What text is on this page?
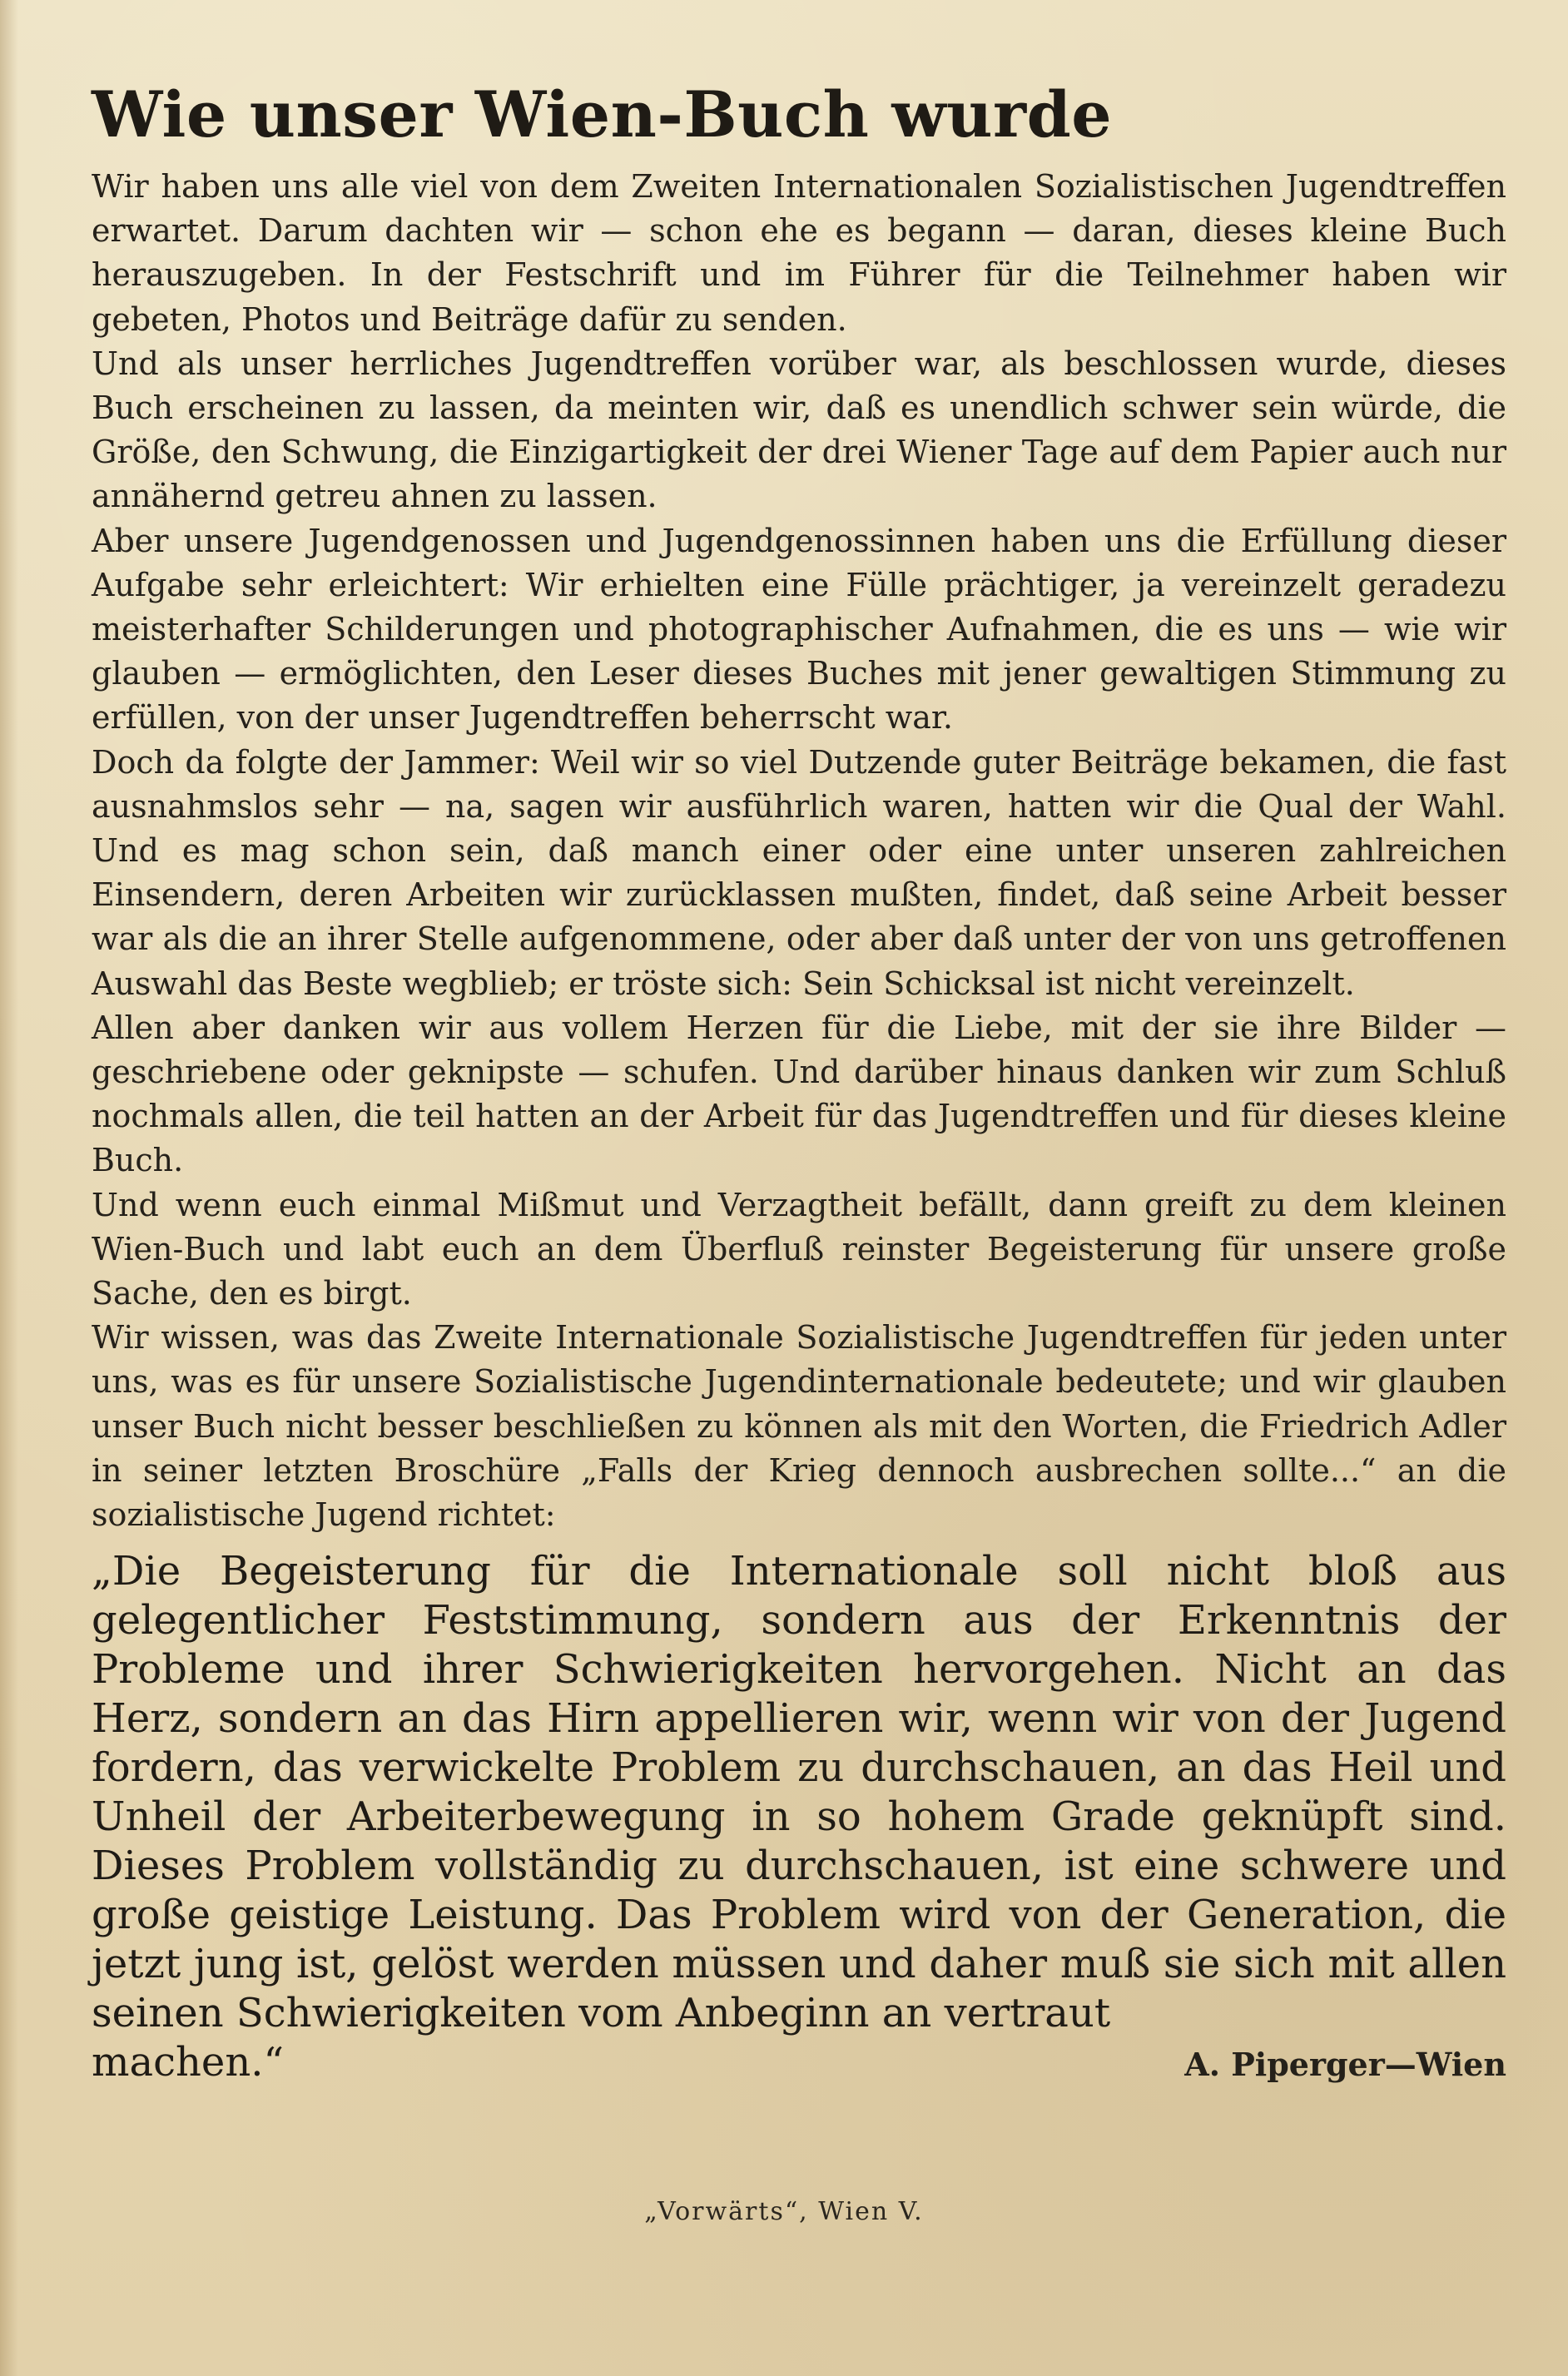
Wie unser Wien-Buch wurde

Wir haben uns alle viel von dem Zweiten Internationalen Sozialistischen Jugendtreffen erwartet. Darum dachten wir — schon ehe es begann — daran, dieses kleine Buch herauszugeben. In der Festschrift und im Führer für die Teilnehmer haben wir gebeten, Photos und Beiträge dafür zu senden.

Und als unser herrliches Jugendtreffen vorüber war, als beschlossen wurde, dieses Buch erscheinen zu lassen, da meinten wir, daß es unendlich schwer sein würde, die Größe, den Schwung, die Einzigartigkeit der drei Wiener Tage auf dem Papier auch nur annähernd getreu ahnen zu lassen.

Aber unsere Jugendgenossen und Jugendgenossinnen haben uns die Erfüllung dieser Aufgabe sehr erleichtert: Wir erhielten eine Fülle prächtiger, ja vereinzelt geradezu meisterhafter Schilderungen und photographischer Aufnahmen, die es uns — wie wir glauben — ermöglichten, den Leser dieses Buches mit jener gewaltigen Stimmung zu erfüllen, von der unser Jugendtreffen beherrscht war.

Doch da folgte der Jammer: Weil wir so viel Dutzende guter Beiträge bekamen, die fast ausnahmslos sehr — na, sagen wir ausführlich waren, hatten wir die Qual der Wahl. Und es mag schon sein, daß manch einer oder eine unter unseren zahlreichen Einsendern, deren Arbeiten wir zurücklassen mußten, findet, daß seine Arbeit besser war als die an ihrer Stelle aufgenommene, oder aber daß unter der von uns getroffenen Auswahl das Beste wegblieb; er tröste sich: Sein Schicksal ist nicht vereinzelt.

Allen aber danken wir aus vollem Herzen für die Liebe, mit der sie ihre Bilder — geschriebene oder geknipste — schufen. Und darüber hinaus danken wir zum Schluß nochmals allen, die teil hatten an der Arbeit für das Jugendtreffen und für dieses kleine Buch.

Und wenn euch einmal Mißmut und Verzagtheit befällt, dann greift zu dem kleinen Wien-Buch und labt euch an dem Überfluß reinster Begeisterung für unsere große Sache, den es birgt.

Wir wissen, was das Zweite Internationale Sozialistische Jugendtreffen für jeden unter uns, was es für unsere Sozialistische Jugendinternationale bedeutete; und wir glauben unser Buch nicht besser beschließen zu können als mit den Worten, die Friedrich Adler in seiner letzten Broschüre „Falls der Krieg dennoch ausbrechen sollte...“ an die sozialistische Jugend richtet:

„Die Begeisterung für die Internationale soll nicht bloß aus gelegentlicher Feststimmung, sondern aus der Erkenntnis der Probleme und ihrer Schwierigkeiten hervorgehen. Nicht an das Herz, sondern an das Hirn appellieren wir, wenn wir von der Jugend fordern, das verwickelte Problem zu durchschauen, an das Heil und Unheil der Arbeiterbewegung in so hohem Grade geknüpft sind. Dieses Problem vollständig zu durchschauen, ist eine schwere und große geistige Leistung. Das Problem wird von der Generation, die jetzt jung ist, gelöst werden müssen und daher muß sie sich mit allen seinen Schwierigkeiten vom Anbeginn an vertraut

machen.“	A. Piperger—Wien
„Vorwärts“, Wien V.
